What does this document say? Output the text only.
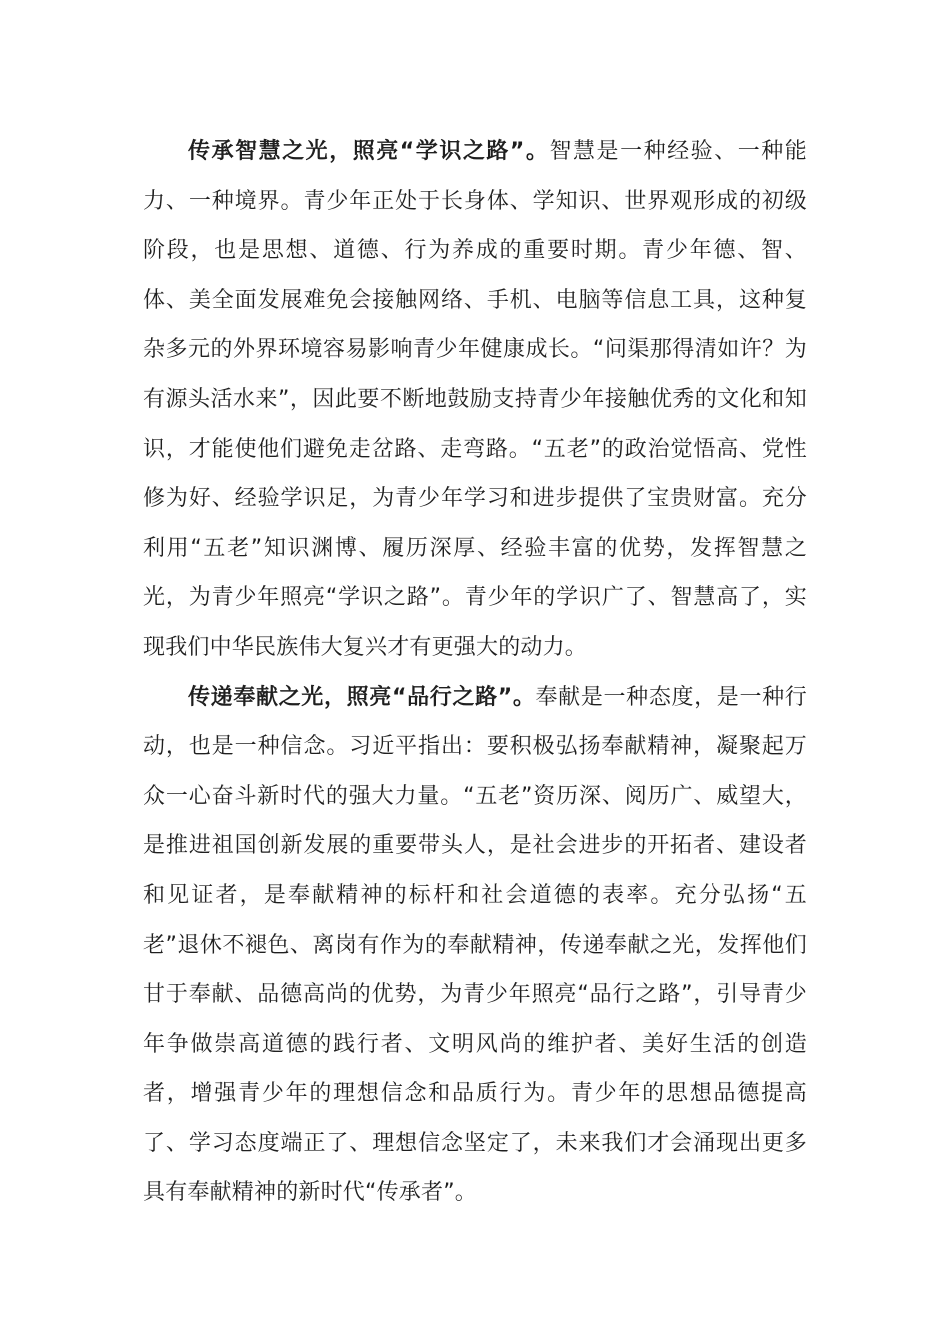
传承智慧之光，照亮“学识之路”。智慧是一种经验、一种能力、一种境界。青少年正处于长身体、学知识、世界观形成的初级阶段，也是思想、道德、行为养成的重要时期。青少年德、智、体、美全面发展难免会接触网络、手机、电脑等信息工具，这种复杂多元的外界环境容易影响青少年健康成长。“问渠那得清如许？为有源头活水来”，因此要不断地鼓励支持青少年接触优秀的文化和知识，才能使他们避免走岔路、走弯路。“五老”的政治觉悟高、党性修为好、经验学识足，为青少年学习和进步提供了宝贵财富。充分利用“五老”知识渊博、履历深厚、经验丰富的优势，发挥智慧之光，为青少年照亮“学识之路”。青少年的学识广了、智慧高了，实现我们中华民族伟大复兴才有更强大的动力。

传递奉献之光，照亮“品行之路”。奉献是一种态度，是一种行动，也是一种信念。习近平指出：要积极弘扬奉献精神，凝聚起万众一心奋斗新时代的强大力量。“五老”资历深、阅历广、威望大，是推进祖国创新发展的重要带头人，是社会进步的开拓者、建设者和见证者，是奉献精神的标杆和社会道德的表率。充分弘扬“五老”退休不褪色、离岗有作为的奉献精神，传递奉献之光，发挥他们甘于奉献、品德高尚的优势，为青少年照亮“品行之路”，引导青少年争做崇高道德的践行者、文明风尚的维护者、美好生活的创造者，增强青少年的理想信念和品质行为。青少年的思想品德提高了、学习态度端正了、理想信念坚定了，未来我们才会涌现出更多具有奉献精神的新时代“传承者”。
